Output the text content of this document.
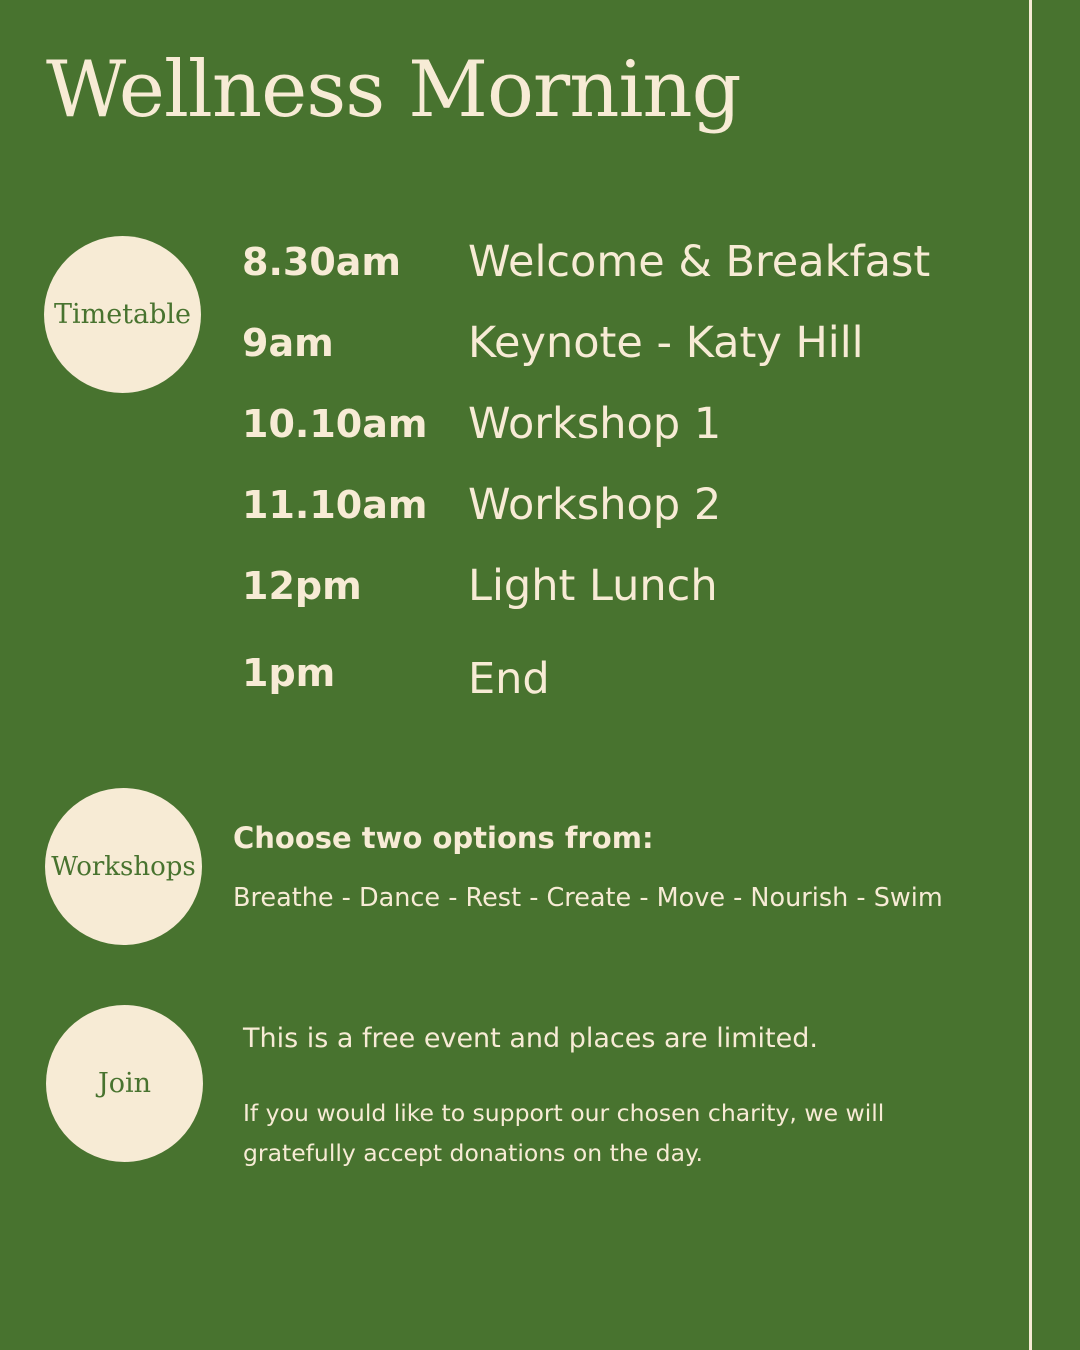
Wellness Morning
Timetable
8.30am Welcome & Breakfast
9am	Keynote - Katy Hill
10.10am Workshop 1
11.10am Workshop 2
12pm Light Lunch
1pm	End
Workshops

Choose two options from:

Breathe - Dance - Rest - Create - Move - Nourish - Swim

Join

This is a free event and places are limited.

If you would like to support our chosen charity, we will gratefully accept donations on the day.
